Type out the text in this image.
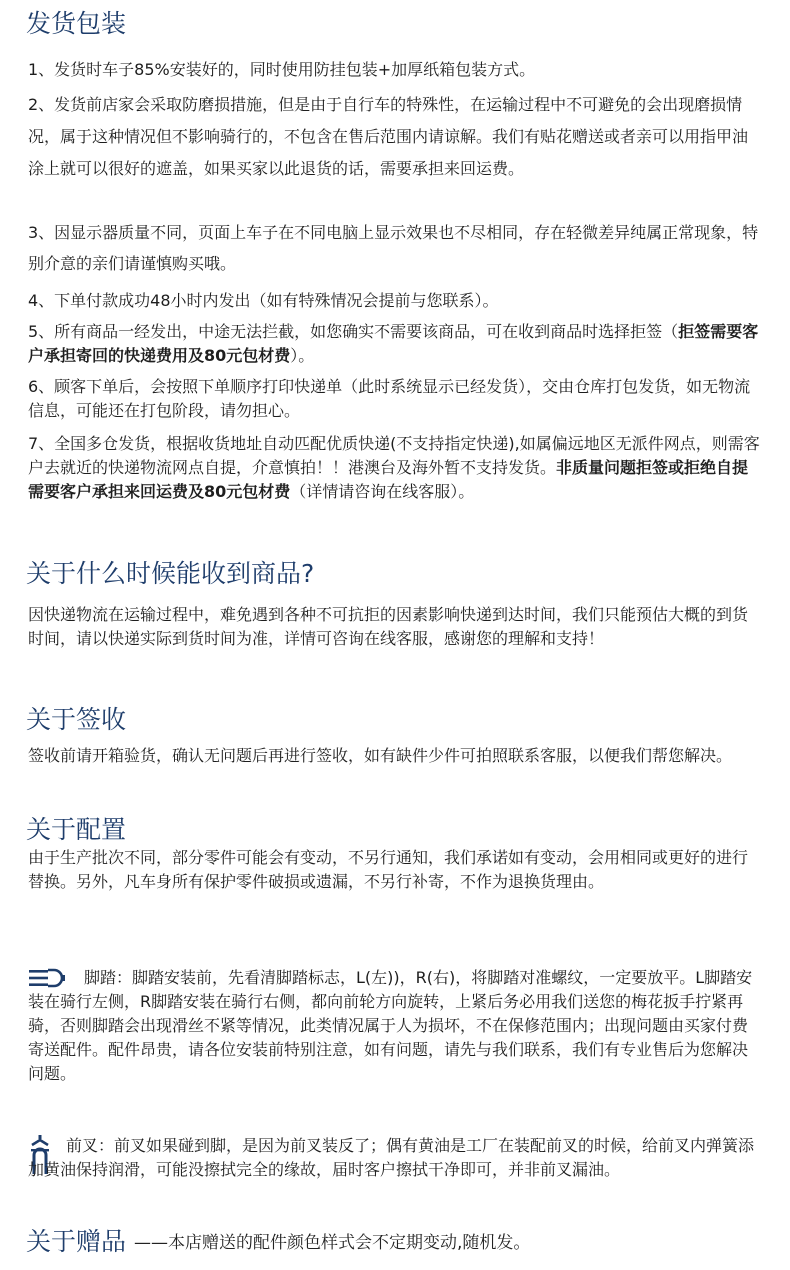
发货包装

1、发货时车子85%安装好的，同时使用防挂包装+加厚纸箱包装方式。

2、发货前店家会采取防磨损措施，但是由于自行车的特殊性，在运输过程中不可避免的会出现磨损情况，属于这种情况但不影响骑行的，不包含在售后范围内请谅解。我们有贴花赠送或者亲可以用指甲油涂上就可以很好的遮盖，如果买家以此退货的话，需要承担来回运费。

3、因显示器质量不同，页面上车子在不同电脑上显示效果也不尽相同，存在轻微差异纯属正常现象，特别介意的亲们请谨慎购买哦。

4、下单付款成功48小时内发出（如有特殊情况会提前与您联系）。

5、所有商品一经发出，中途无法拦截，如您确实不需要该商品，可在收到商品时选择拒签（拒签需要客户承担寄回的快递费用及80元包材费）。

6、顾客下单后，会按照下单顺序打印快递单（此时系统显示已经发货），交由仓库打包发货，如无物流信息，可能还在打包阶段，请勿担心。

7、全国多仓发货，根据收货地址自动匹配优质快递(不支持指定快递),如属偏远地区无派件网点，则需客户去就近的快递物流网点自提，介意慎拍！！港澳台及海外暂不支持发货。非质量问题拒签或拒绝自提需要客户承担来回运费及80元包材费（详情请咨询在线客服）。

关于什么时候能收到商品?

因快递物流在运输过程中，难免遇到各种不可抗拒的因素影响快递到达时间，我们只能预估大概的到货时间，请以快递实际到货时间为准，详情可咨询在线客服，感谢您的理解和支持！

关于签收

签收前请开箱验货，确认无问题后再进行签收，如有缺件少件可拍照联系客服，以便我们帮您解决。

关于配置

由于生产批次不同，部分零件可能会有变动，不另行通知，我们承诺如有变动，会用相同或更好的进行替换。另外，凡车身所有保护零件破损或遗漏，不另行补寄，不作为退换货理由。

脚踏：脚踏安装前，先看清脚踏标志，L(左))，R(右)，将脚踏对准螺纹，一定要放平。L脚踏安装在骑行左侧，R脚踏安装在骑行右侧，都向前轮方向旋转，上紧后务必用我们送您的梅花扳手拧紧再骑，否则脚踏会出现滑丝不紧等情况，此类情况属于人为损坏，不在保修范围内；出现问题由买家付费寄送配件。配件昂贵，请各位安装前特别注意，如有问题，请先与我们联系，我们有专业售后为您解决问题。

前叉：前叉如果碰到脚，是因为前叉装反了；偶有黄油是工厂在装配前叉的时候，给前叉内弹簧添加黄油保持润滑，可能没擦拭完全的缘故，届时客户擦拭干净即可，并非前叉漏油。

关于赠品 ——本店赠送的配件颜色样式会不定期变动,随机发。
